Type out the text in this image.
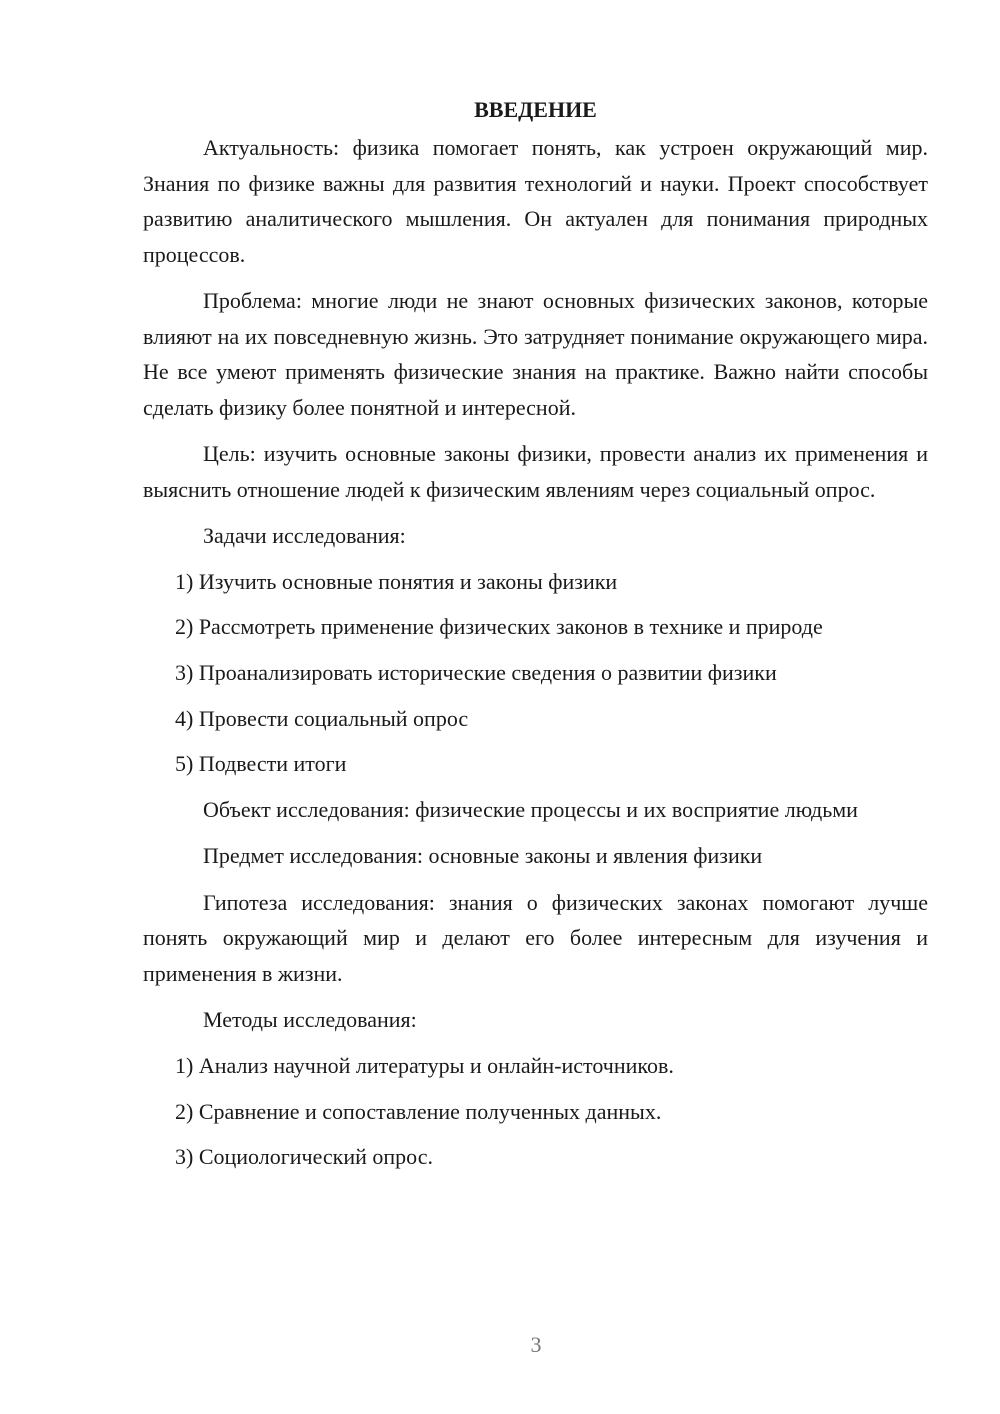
ВВЕДЕНИЕ

Актуальность: физика помогает понять, как устроен окружающий мир. Знания по физике важны для развития технологий и науки. Проект способствует развитию аналитического мышления. Он актуален для понимания природных процессов.

Проблема: многие люди не знают основных физических законов, которые влияют на их повседневную жизнь. Это затрудняет понимание окружающего мира. Не все умеют применять физические знания на практике. Важно найти способы сделать физику более понятной и интересной.

Цель: изучить основные законы физики, провести анализ их применения и выяснить отношение людей к физическим явлениям через социальный опрос.

Задачи исследования:

1) Изучить основные понятия и законы физики
2) Рассмотреть применение физических законов в технике и природе
3) Проанализировать исторические сведения о развитии физики
4) Провести социальный опрос
5) Подвести итоги

Объект исследования: физические процессы и их восприятие людьми

Предмет исследования: основные законы и явления физики

Гипотеза исследования: знания о физических законах помогают лучше понять окружающий мир и делают его более интересным для изучения и применения в жизни.

Методы исследования:

1) Анализ научной литературы и онлайн-источников.
2) Сравнение и сопоставление полученных данных.
3) Социологический опрос.
3
